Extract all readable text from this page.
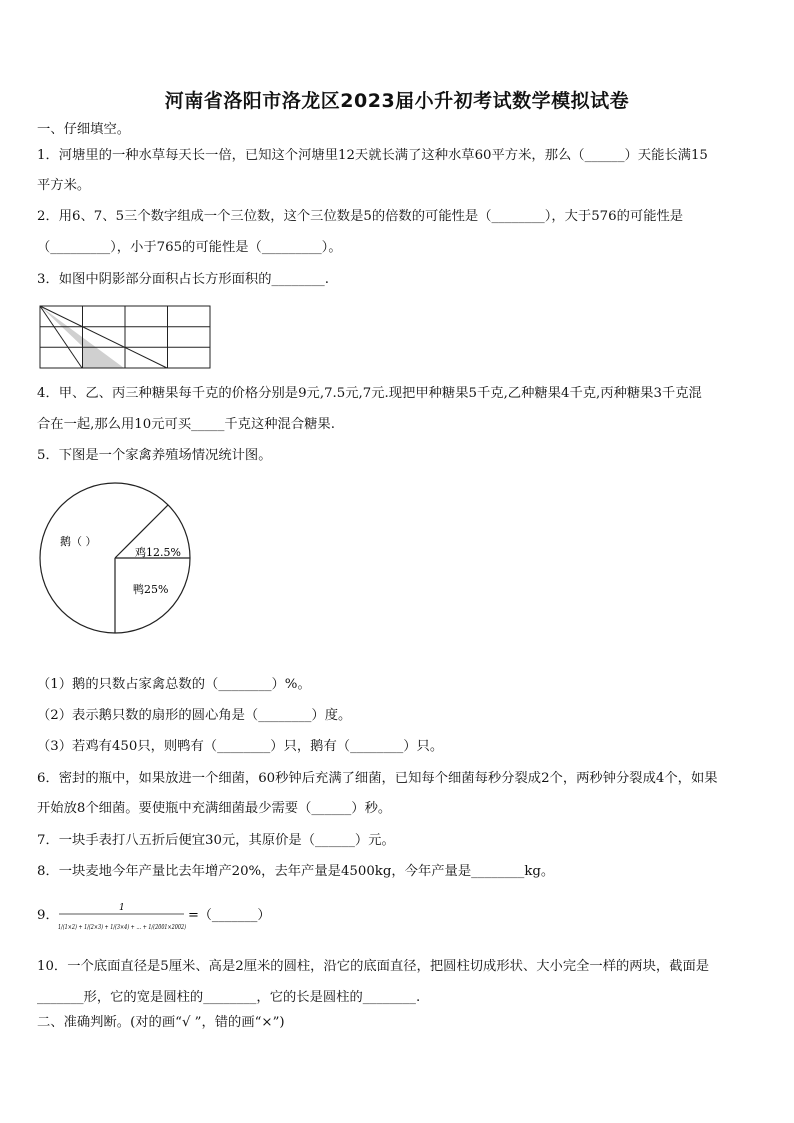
河南省洛阳市洛龙区2023届小升初考试数学模拟试卷
一、仔细填空。
1．河塘里的一种水草每天长一倍，已知这个河塘里12天就长满了这种水草60平方米，那么（______）天能长满15
平方米。
2．用6、7、5三个数字组成一个三位数，这个三位数是5的倍数的可能性是（________），大于576的可能性是
（_________），小于765的可能性是（_________）。
3．如图中阴影部分面积占长方形面积的________.
4．甲、乙、丙三种糖果每千克的价格分别是9元,7.5元,7元.现把甲种糖果5千克,乙种糖果4千克,丙种糖果3千克混
合在一起,那么用10元可买_____千克这种混合糖果.
5．下图是一个家禽养殖场情况统计图。
鹅（ ）
鸡12.5%
鸭25%
（1）鹅的只数占家禽总数的（________）%。
（2）表示鹅只数的扇形的圆心角是（________）度。
（3）若鸡有450只，则鸭有（________）只，鹅有（________）只。
6．密封的瓶中，如果放进一个细菌，60秒钟后充满了细菌，已知每个细菌每秒分裂成2个，两秒钟分裂成4个，如果
开始放8个细菌。要使瓶中充满细菌最少需要（______）秒。
7．一块手表打八五折后便宜30元，其原价是（______）元。
8．一块麦地今年产量比去年增产20%，去年产量是4500kg，今年产量是________kg。
9．	1
1/(1×2) + 1/(2×3) + 1/(3×4) + … + 1/(2001×2002)
=（_______）
10．一个底面直径是5厘米、高是2厘米的圆柱，沿它的底面直径，把圆柱切成形状、大小完全一样的两块，截面是
_______形，它的宽是圆柱的________，它的长是圆柱的________.
二、准确判断。(对的画“√ ”，错的画“×”)
